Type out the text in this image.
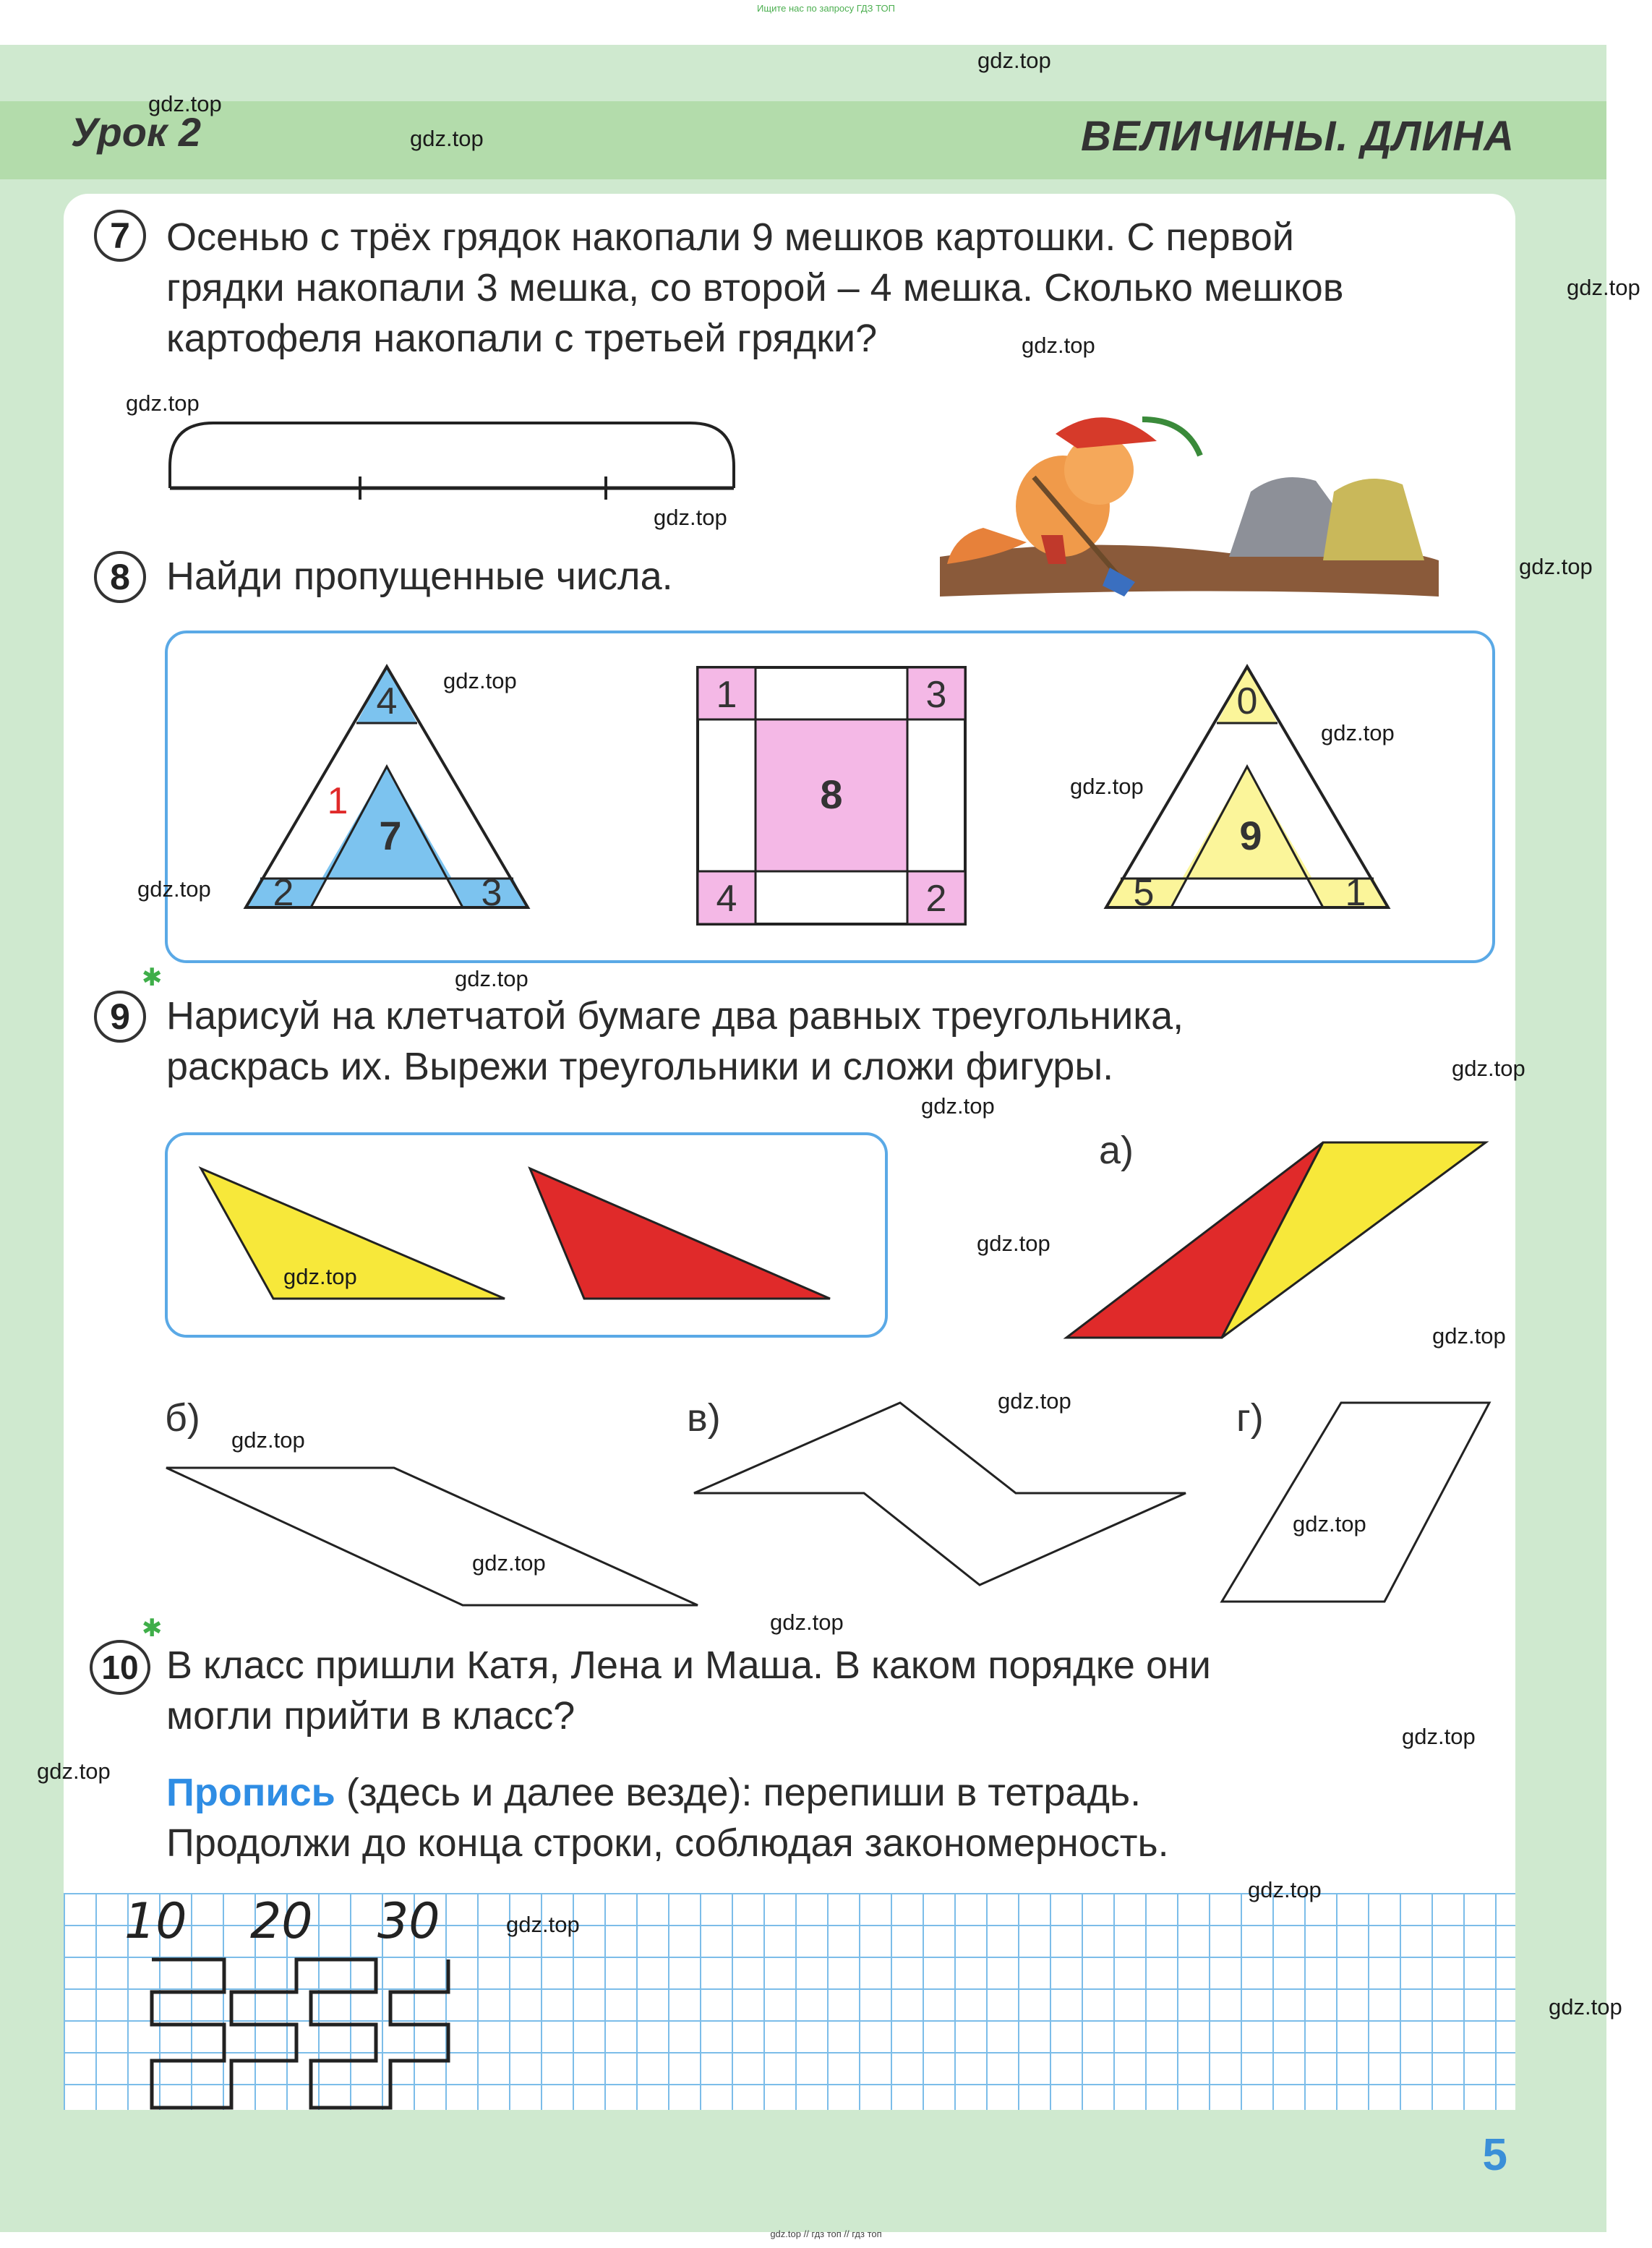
Ищите нас по запросу ГДЗ ТОП
Урок 2	ВЕЛИЧИНЫ. ДЛИНА
7 Осенью с трёх грядок накопали 9 мешков картошки. С первой
грядки накопали 3 мешка, со второй – 4 мешка. Сколько мешков
картофеля накопали с третьей грядки?
8 Найди пропущенные числа.
4
7
1
2	3
1	3
8
4	2
0
9
5	1
✱
9 Нарисуй на клетчатой бумаге два равных треугольника,
раскрась их. Вырежи треугольники и сложи фигуры.
а)
б)	в)	г)
✱
10 В класс пришли Катя, Лена и Маша. В каком порядке они
могли прийти в класс?
Пропись (здесь и далее везде): перепиши в тетрадь.
Продолжи до конца строки, соблюдая закономерность.
10 20 30
5
gdz.top
gdz.top
gdz.top
gdz.top
gdz.top
gdz.top
gdz.top
gdz.top
gdz.top
gdz.top
gdz.top
gdz.top
gdz.top
gdz.top
gdz.top
gdz.top
gdz.top
gdz.top
gdz.top
gdz.top
gdz.top
gdz.top
gdz.top
gdz.top
gdz.top
gdz.top
gdz.top
gdz.top
gdz.top // гдз топ // гдз топ
